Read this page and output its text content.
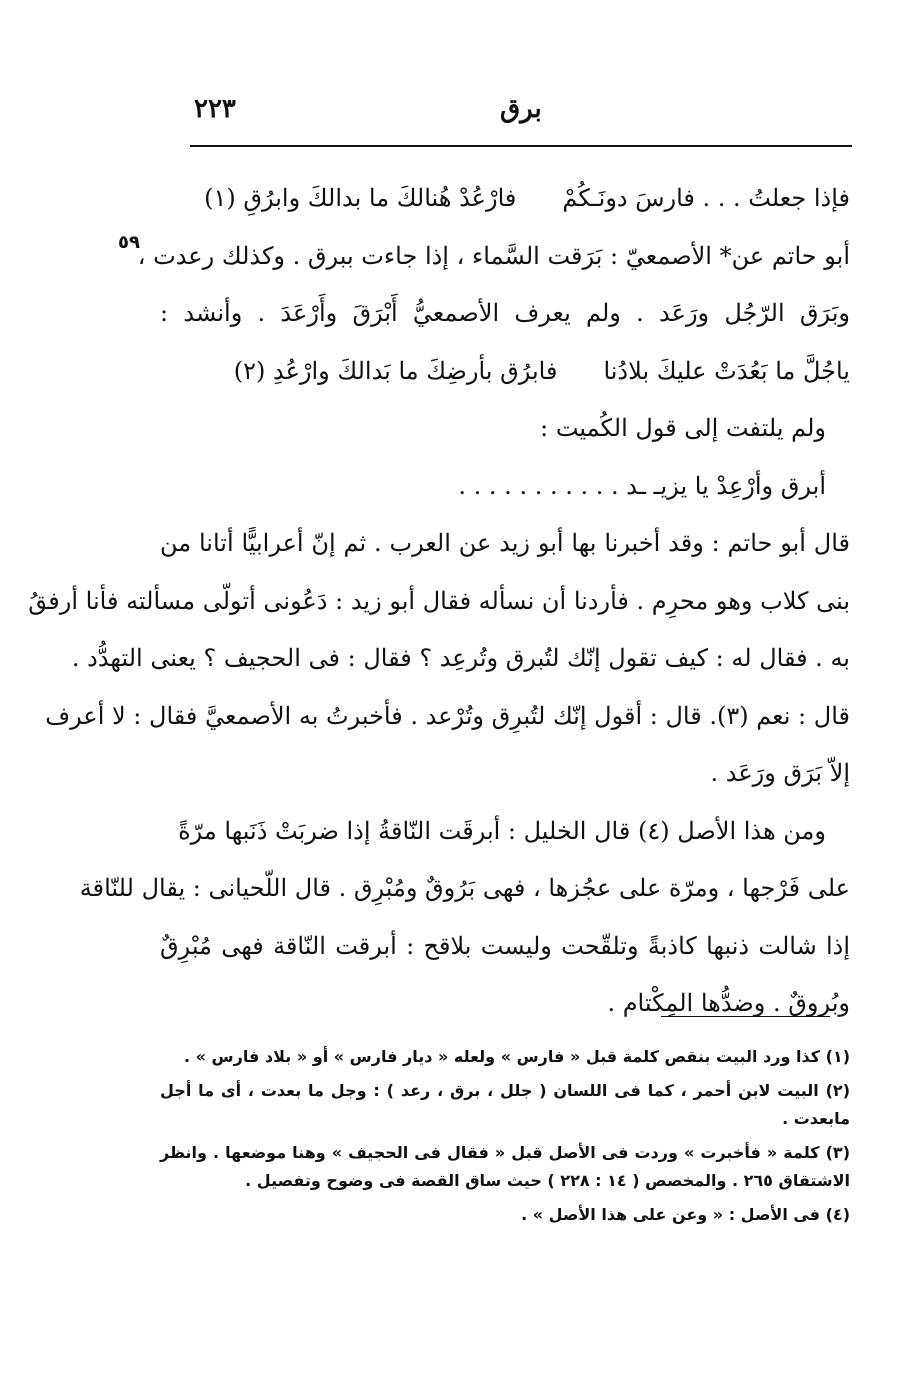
٢٢٣	برق
٥٩
فإذا جعلتُ . . . فارسَ دونَـكُمْفارْعُدْ هُنالكَ ما بدالكَ وابرُقِ (١)
أبو حاتم عن* الأصمعيّ : بَرَقت السَّماء ، إذا جاءت ببرق . وكذلك رعدت ،
وبَرَق الرّجُل ورَعَد . ولم يعرف الأصمعيُّ أَبْرَقَ وأَرْعَدَ . وأنشد :
ياجُلَّ ما بَعُدَتْ عليكَ بلادُنافابرُق بأرضِكَ ما بَدالكَ وارْعُدِ (٢)
ولم يلتفت إلى قول الكُميت :
أبرق وأرْعِدْ يا يزيـ ـد . . . . . . . . . . .
قال أبو حاتم : وقد أخبرنا بها أبو زيد عن العرب . ثم إنّ أعرابيًّا أتانا من
بنى كلاب وهو محرِم . فأردنا أن نسأله فقال أبو زيد : دَعُونى أتولّى مسألته فأنا أرفقُ
به . فقال له : كيف تقول إنّك لتُبرق وتُرعِد ؟ فقال : فى الحجيف ؟ يعنى التهدُّد .
قال : نعم (٣). قال : أقول إنّك لتُبرِق وتُرْعد . فأخبرتُ به الأصمعيَّ فقال : لا أعرف
إلاّ بَرَق ورَعَد .
ومن هذا الأصل (٤) قال الخليل : أبرقَت النّاقةُ إذا ضربَتْ ذَنَبها مرّةً
على فَرْجها ، ومرّة على عجُزها ، فهى بَرُوقٌ ومُبْرِق . قال اللّحيانى : يقال للنّاقة
إذا شالت ذنبها كاذبةً وتلقّحت وليست بلاقح : أبرقت النّاقة فهى مُبْرِقٌ
وبُروقٌ . وضدُّها المِكْتام .
(١) كذا ورد البيت بنقص كلمة قبل « فارس » ولعله « ديار فارس » أو « بلاد فارس » .
(٢) البيت لابن أحمر ، كما فى اللسان ( جلل ، برق ، رعد ) : وجل ما بعدت ، أى ما أجل مابعدت .
(٣) كلمة « فأخبرت » وردت فى الأصل قبل « فقال فى الحجيف » وهنا موضعها . وانظر الاشتقاق ٢٦٥ . والمخصص ( ١٤ : ٢٢٨ ) حيث ساق القصة فى وضوح وتفصيل .
(٤) فى الأصل : « وعن على هذا الأصل » .
